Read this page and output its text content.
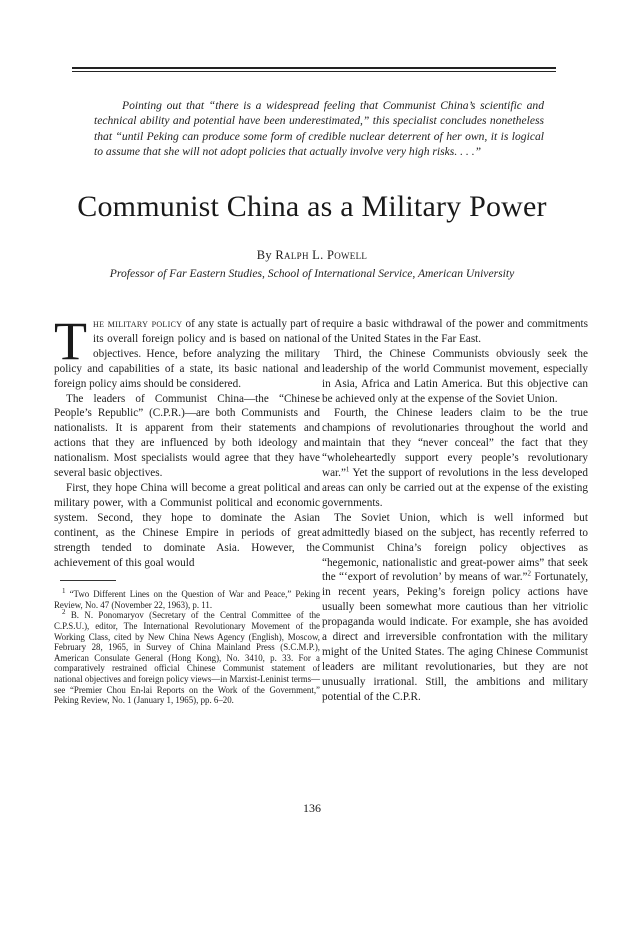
Pointing out that “there is a widespread feeling that Communist China’s scientific and technical ability and potential have been underestimated,” this specialist concludes nonetheless that “until Peking can produce some form of credible nuclear deterrent of her own, it is logical to assume that she will not adopt policies that actually involve very high risks. . . .”

Communist China as a Military Power
By Ralph L. Powell
Professor of Far Eastern Studies, School of International Service, American University

The military policy of any state is actually part of its overall foreign policy and is based on national objectives. Hence, before analyzing the military policy and capabilities of a state, its basic national and foreign policy aims should be considered.

The leaders of Communist China—the “Chinese People’s Republic” (C.P.R.)—are both Communists and nationalists. It is apparent from their statements and actions that they are influenced by both ideology and nationalism. Most specialists would agree that they have several basic objectives.

First, they hope China will become a great political and military power, with a Communist political and economic system. Second, they hope to dominate the Asian continent, as the Chinese Empire in periods of great strength tended to dominate Asia. However, the achievement of this goal would

$^1$ “Two Different Lines on the Question of War and Peace,” Peking Review, No. 47 (November 22, 1963), p. 11.

$^2$ B. N. Ponomaryov (Secretary of the Central Committee of the C.P.S.U.), editor, The International Revolutionary Movement of the Working Class, cited by New China News Agency (English), Moscow, February 28, 1965, in Survey of China Mainland Press (S.C.M.P.), American Consulate General (Hong Kong), No. 3410, p. 33. For a comparatively restrained official Chinese Communist statement of national objectives and foreign policy views—in Marxist-Leninist terms—see “Premier Chou En-lai Reports on the Work of the Government,” Peking Review, No. 1 (January 1, 1965), pp. 6–20.

require a basic withdrawal of the power and commitments of the United States in the Far East.

Third, the Chinese Communists obviously seek the leadership of the world Communist movement, especially in Asia, Africa and Latin America. But this objective can be achieved only at the expense of the Soviet Union.

Fourth, the Chinese leaders claim to be the true champions of revolutionaries throughout the world and maintain that they “never conceal” the fact that they “wholeheartedly support every people’s revolutionary war.”$^1$ Yet the support of revolutions in the less developed areas can only be carried out at the expense of the existing governments.

The Soviet Union, which is well informed but admittedly biased on the subject, has recently referred to Communist China’s foreign policy objectives as “hegemonic, nationalistic and great-power aims” that seek the “‘export of revolution’ by means of war.”$^2$ Fortunately, in recent years, Peking’s foreign policy actions have usually been somewhat more cautious than her vitriolic propaganda would indicate. For example, she has avoided a direct and irreversible confrontation with the military might of the United States. The aging Chinese Communist leaders are militant revolutionaries, but they are not unusually irrational. Still, the ambitions and military potential of the C.P.R.

136
